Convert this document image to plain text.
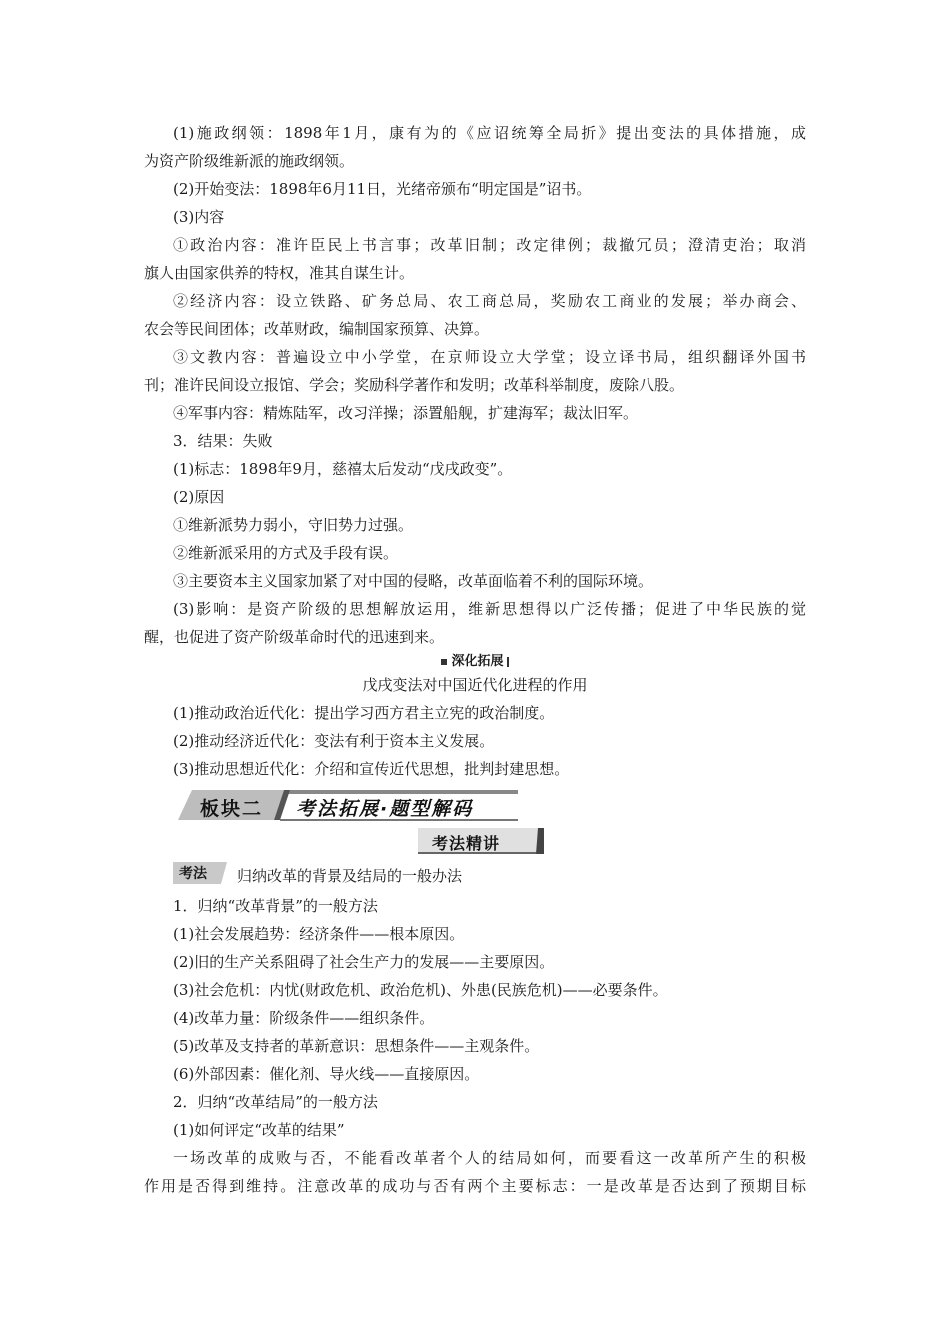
(1)施政纲领：1898年1月，康有为的《应诏统筹全局折》提出变法的具体措施，成
为资产阶级维新派的施政纲领。
(2)开始变法：1898年6月11日，光绪帝颁布“明定国是”诏书。
(3)内容
①政治内容：准许臣民上书言事；改革旧制；改定律例；裁撤冗员；澄清吏治；取消
旗人由国家供养的特权，准其自谋生计。
②经济内容：设立铁路、矿务总局、农工商总局，奖励农工商业的发展；举办商会、
农会等民间团体；改革财政，编制国家预算、决算。
③文教内容：普遍设立中小学堂，在京师设立大学堂；设立译书局，组织翻译外国书
刊；准许民间设立报馆、学会；奖励科学著作和发明；改革科举制度，废除八股。
④军事内容：精炼陆军，改习洋操；添置船舰，扩建海军；裁汰旧军。
3．结果：失败
(1)标志：1898年9月，慈禧太后发动“戊戌政变”。
(2)原因
①维新派势力弱小，守旧势力过强。
②维新派采用的方式及手段有误。
③主要资本主义国家加紧了对中国的侵略，改革面临着不利的国际环境。
(3)影响：是资产阶级的思想解放运用，维新思想得以广泛传播；促进了中华民族的觉
醒，也促进了资产阶级革命时代的迅速到来。
深化拓展
戊戌变法对中国近代化进程的作用
(1)推动政治近代化：提出学习西方君主立宪的政治制度。
(2)推动经济近代化：变法有利于资本主义发展。
(3)推动思想近代化：介绍和宣传近代思想，批判封建思想。
板块二 考法拓展·题型解码
考法精讲
考法 归纳改革的背景及结局的一般办法
1．归纳“改革背景”的一般方法
(1)社会发展趋势：经济条件——根本原因。
(2)旧的生产关系阻碍了社会生产力的发展——主要原因。
(3)社会危机：内忧(财政危机、政治危机)、外患(民族危机)——必要条件。
(4)改革力量：阶级条件——组织条件。
(5)改革及支持者的革新意识：思想条件——主观条件。
(6)外部因素：催化剂、导火线——直接原因。
2．归纳“改革结局”的一般方法
(1)如何评定“改革的结果”
一场改革的成败与否，不能看改革者个人的结局如何，而要看这一改革所产生的积极
作用是否得到维持。注意改革的成功与否有两个主要标志：一是改革是否达到了预期目标
